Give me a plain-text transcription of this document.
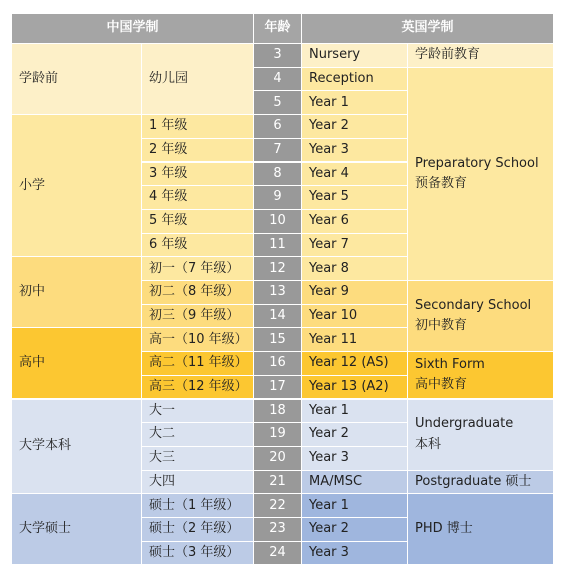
中国学制	年龄	英国学制
学龄前
小学
初中
高中
大学本科
大学硕士
幼儿园
1 年级
2 年级
3 年级
4 年级
5 年级
6 年级
初一（7 年级）
初二（8 年级）
初三（9 年级）
高一（10 年级）
高二（11 年级）
高三（12 年级）
大一
大二
大三
大四
硕士（1 年级）
硕士（2 年级）
硕士（3 年级）
3
4
5
6
7
8
9
10
11
12
13
14
15
16
17
18
19
20
21
22
23
24
Nursery
Reception
Year 1
Year 2
Year 3
Year 4
Year 5
Year 6
Year 7
Year 8
Year 9
Year 10
Year 11
Year 12 (AS)
Year 13 (A2)
Year 1
Year 2
Year 3
MA/MSC
Year 1
Year 2
Year 3
学龄前教育
Preparatory School
预备教育
Secondary School
初中教育
Sixth Form
高中教育
Undergraduate
本科
Postgraduate 硕士
PHD 博士
